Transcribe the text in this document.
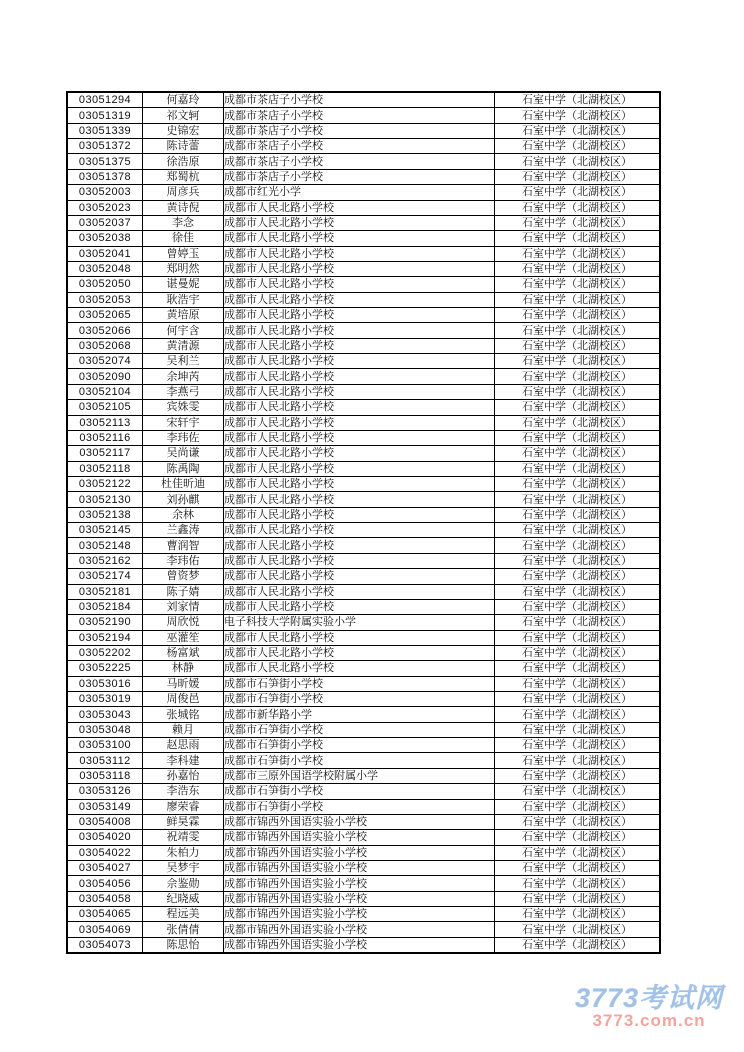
03051294	何嘉玲	成都市茶店子小学校	石室中学（北湖校区）
03051319	祁文轲	成都市茶店子小学校	石室中学（北湖校区）
03051339	史锦宏	成都市茶店子小学校	石室中学（北湖校区）
03051372	陈诗蕾	成都市茶店子小学校	石室中学（北湖校区）
03051375	徐浩原	成都市茶店子小学校	石室中学（北湖校区）
03051378	郑蜀杭	成都市茶店子小学校	石室中学（北湖校区）
03052003	周彦兵	成都市红光小学	石室中学（北湖校区）
03052023	黄诗倪	成都市人民北路小学校	石室中学（北湖校区）
03052037	李念	成都市人民北路小学校	石室中学（北湖校区）
03052038	徐佳	成都市人民北路小学校	石室中学（北湖校区）
03052041	曾婷玉	成都市人民北路小学校	石室中学（北湖校区）
03052048	郑明然	成都市人民北路小学校	石室中学（北湖校区）
03052050	谌曼妮	成都市人民北路小学校	石室中学（北湖校区）
03052053	耿浩宇	成都市人民北路小学校	石室中学（北湖校区）
03052065	黄培原	成都市人民北路小学校	石室中学（北湖校区）
03052066	何宇含	成都市人民北路小学校	石室中学（北湖校区）
03052068	黄清源	成都市人民北路小学校	石室中学（北湖校区）
03052074	吴利兰	成都市人民北路小学校	石室中学（北湖校区）
03052090	余坤芮	成都市人民北路小学校	石室中学（北湖校区）
03052104	李燕弓	成都市人民北路小学校	石室中学（北湖校区）
03052105	宾姝雯	成都市人民北路小学校	石室中学（北湖校区）
03052113	宋轩宇	成都市人民北路小学校	石室中学（北湖校区）
03052116	李玮佐	成都市人民北路小学校	石室中学（北湖校区）
03052117	吴尚谦	成都市人民北路小学校	石室中学（北湖校区）
03052118	陈禹陶	成都市人民北路小学校	石室中学（北湖校区）
03052122	杜佳昕迪	成都市人民北路小学校	石室中学（北湖校区）
03052130	刘孙麒	成都市人民北路小学校	石室中学（北湖校区）
03052138	余林	成都市人民北路小学校	石室中学（北湖校区）
03052145	兰鑫涛	成都市人民北路小学校	石室中学（北湖校区）
03052148	曹润智	成都市人民北路小学校	石室中学（北湖校区）
03052162	李玮佑	成都市人民北路小学校	石室中学（北湖校区）
03052174	曾资梦	成都市人民北路小学校	石室中学（北湖校区）
03052181	陈子婧	成都市人民北路小学校	石室中学（北湖校区）
03052184	刘家情	成都市人民北路小学校	石室中学（北湖校区）
03052190	周欣悦	电子科技大学附属实验小学	石室中学（北湖校区）
03052194	巫灌笙	成都市人民北路小学校	石室中学（北湖校区）
03052202	杨富斌	成都市人民北路小学校	石室中学（北湖校区）
03052225	林静	成都市人民北路小学校	石室中学（北湖校区）
03053016	马昕媛	成都市石笋街小学校	石室中学（北湖校区）
03053019	周俊邑	成都市石笋街小学校	石室中学（北湖校区）
03053043	张城铭	成都市新华路小学	石室中学（北湖校区）
03053048	赖月	成都市石笋街小学校	石室中学（北湖校区）
03053100	赵思雨	成都市石笋街小学校	石室中学（北湖校区）
03053112	李科建	成都市石笋街小学校	石室中学（北湖校区）
03053118	孙嘉怡	成都市三原外国语学校附属小学	石室中学（北湖校区）
03053126	李浩东	成都市石笋街小学校	石室中学（北湖校区）
03053149	廖荣睿	成都市石笋街小学校	石室中学（北湖校区）
03054008	鲜昊霖	成都市锦西外国语实验小学校	石室中学（北湖校区）
03054020	祝靖雯	成都市锦西外国语实验小学校	石室中学（北湖校区）
03054022	朱柏力	成都市锦西外国语实验小学校	石室中学（北湖校区）
03054027	吴梦宇	成都市锦西外国语实验小学校	石室中学（北湖校区）
03054056	佘鉴勋	成都市锦西外国语实验小学校	石室中学（北湖校区）
03054058	纪晓威	成都市锦西外国语实验小学校	石室中学（北湖校区）
03054065	程远美	成都市锦西外国语实验小学校	石室中学（北湖校区）
03054069	张倩倩	成都市锦西外国语实验小学校	石室中学（北湖校区）
03054073	陈思怡	成都市锦西外国语实验小学校	石室中学（北湖校区）
3773考试网
3773.com.cn
